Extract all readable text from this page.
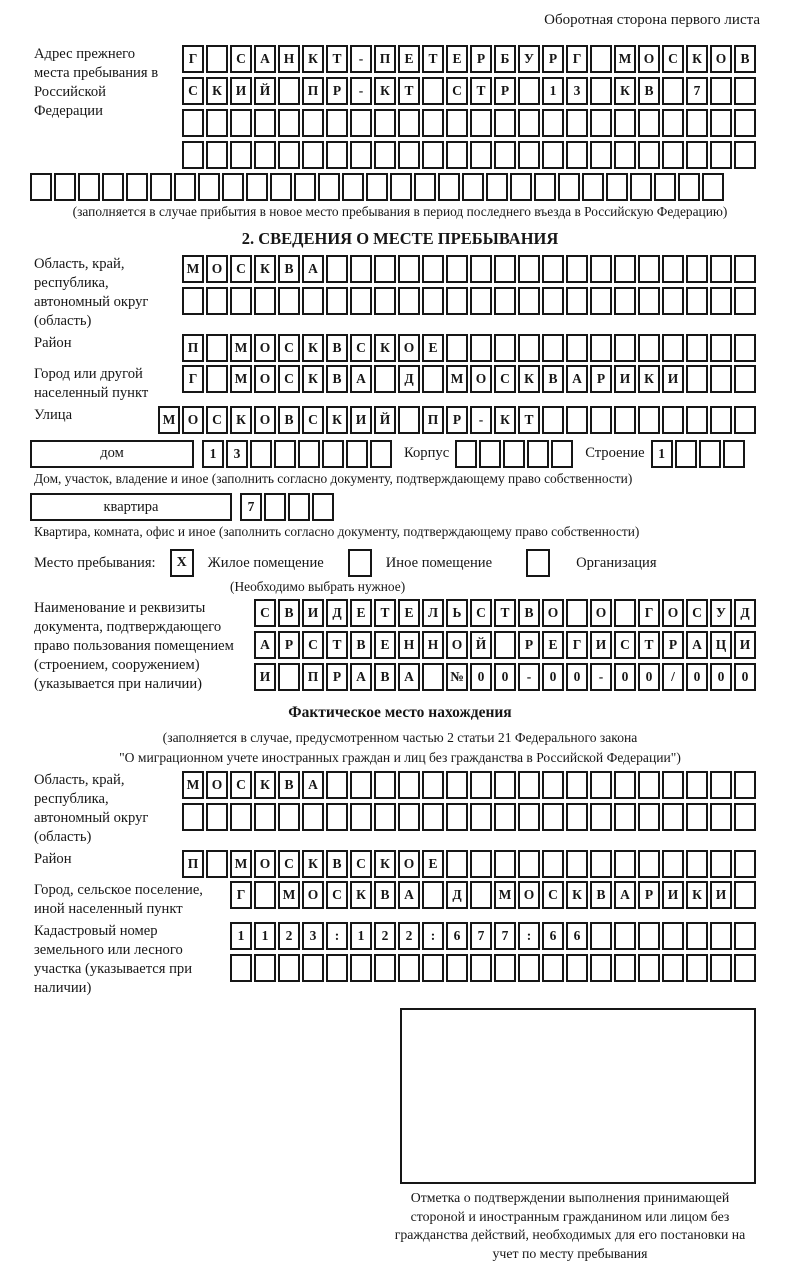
Оборотная сторона первого листа
Адрес прежнего места пребывания в Российской Федерации
Г	С	А	Н	К	Т	-	П	Е	Т	Е	Р	Б	У	Р	Г	М О	С	К	О	В
С	К	И Й	П	Р	-	К	Т	С	Т	Р	1	3	К	В	7
(заполняется в случае прибытия в новое место пребывания в период последнего въезда в Российскую Федерацию)
2. СВЕДЕНИЯ О МЕСТЕ ПРЕБЫВАНИЯ
Область, край, республика, автономный округ (область)
М О	С	К	В	А
Район	П	М О	С	К	В	С	К	О	Е
Город или другой населенный пункт
Г	М О	С	К	В	А	Д	М О	С	К	В	А	Р	И	К	И
Улица	М О	С	К	О	В	С	К	И Й	П	Р	-	К	Т
дом	1	3	Корпус	Строение	1
Дом, участок, владение и иное (заполнить согласно документу, подтверждающему право собственности)
квартира	7
Квартира, комната, офис и иное (заполнить согласно документу, подтверждающему право собственности)
Место пребывания:	X	Жилое помещение	Иное помещение	Организация
(Необходимо выбрать нужное)
Наименование и реквизиты документа, подтверждающего право пользования помещением (строением, сооружением) (указывается при наличии)
С	В	И	Д	Е	Т	Е	Л	Ь	С	Т	В	О	О	Г	О	С	У	Д
А	Р	С	Т	В	Е	Н Н О Й	Р	Е	Г	И	С	Т	Р	А	Ц И
И	П	Р	А	В	А	№	0	0	-	0	0	-	0	0	/	0	0	0
Фактическое место нахождения
(заполняется в случае, предусмотренном частью 2 статьи 21 Федерального закона
"О миграционном учете иностранных граждан и лиц без гражданства в Российской Федерации")
Область, край, республика, автономный округ (область)
М О	С	К	В	А
Район	П	М О	С	К	В	С	К	О	Е
Город, сельское поселение, иной населенный пункт
Г	М О	С	К	В	А	Д	М О	С	К	В	А	Р	И	К	И
Кадастровый номер земельного или лесного участка (указывается при наличии)
1	1	2	3	:	1	2	2	:	6	7	7	:	6	6
Отметка о подтверждении выполнения принимающей стороной и иностранным гражданином или лицом без гражданства действий, необходимых для его постановки на учет по месту пребывания
